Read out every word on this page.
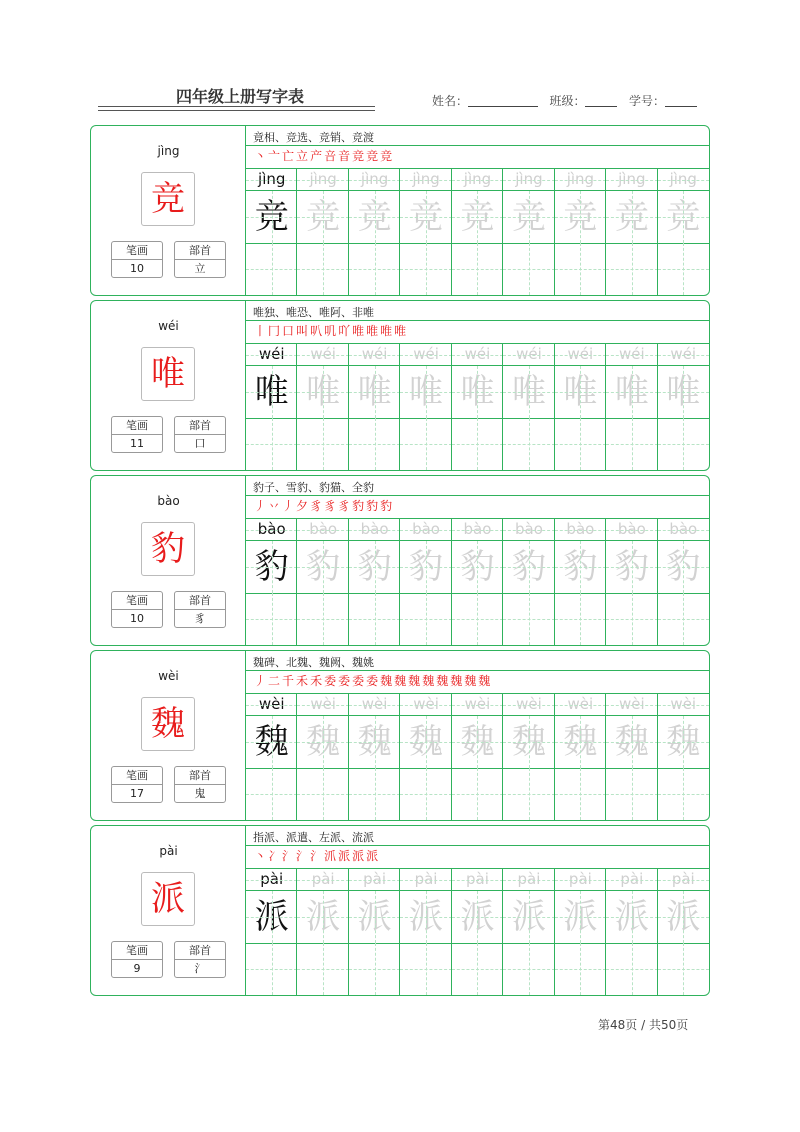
四年级上册写字表	姓名：	班级：	学号：
jìng
竞
笔画
10
部首
立
竟相、竞选、竞销、竞渡
丶 亠 亡 立 产 咅 音 竞 竞 竞
jìng
竞
jìng
竞
jìng
竞
jìng
竞
jìng
竞
jìng
竞
jìng
竞
jìng
竞
jìng
竞
wéi
唯
笔画
11
部首
口
唯独、唯恐、唯阿、非唯
丨 冂 口 叫 叭 叽 吖 唯 唯 唯 唯
wéi
唯
wéi
唯
wéi
唯
wéi
唯
wéi
唯
wéi
唯
wéi
唯
wéi
唯
wéi
唯
bào
豹
笔画
10
部首
豸
豹子、雪豹、豹猫、全豹
丿 丷 丿 夕 豸 豸 豸 豹 豹 豹
bào
豹
bào
豹
bào
豹
bào
豹
bào
豹
bào
豹
bào
豹
bào
豹
bào
豹
wèi
魏
笔画
17
部首
鬼
魏碑、北魏、魏阙、魏姚
丿 二 千 禾 禾 委 委 委 委 魏 魏 魏 魏 魏 魏 魏 魏
wèi
魏
wèi
魏
wèi
魏
wèi
魏
wèi
魏
wèi
魏
wèi
魏
wèi
魏
wèi
魏
pài
派
笔画
9
部首
氵
指派、派遣、左派、流派
丶 冫 氵 氵 氵 沠 派 派 派
pài
派
pài
派
pài
派
pài
派
pài
派
pài
派
pài
派
pài
派
pài
派
第48页 / 共50页
